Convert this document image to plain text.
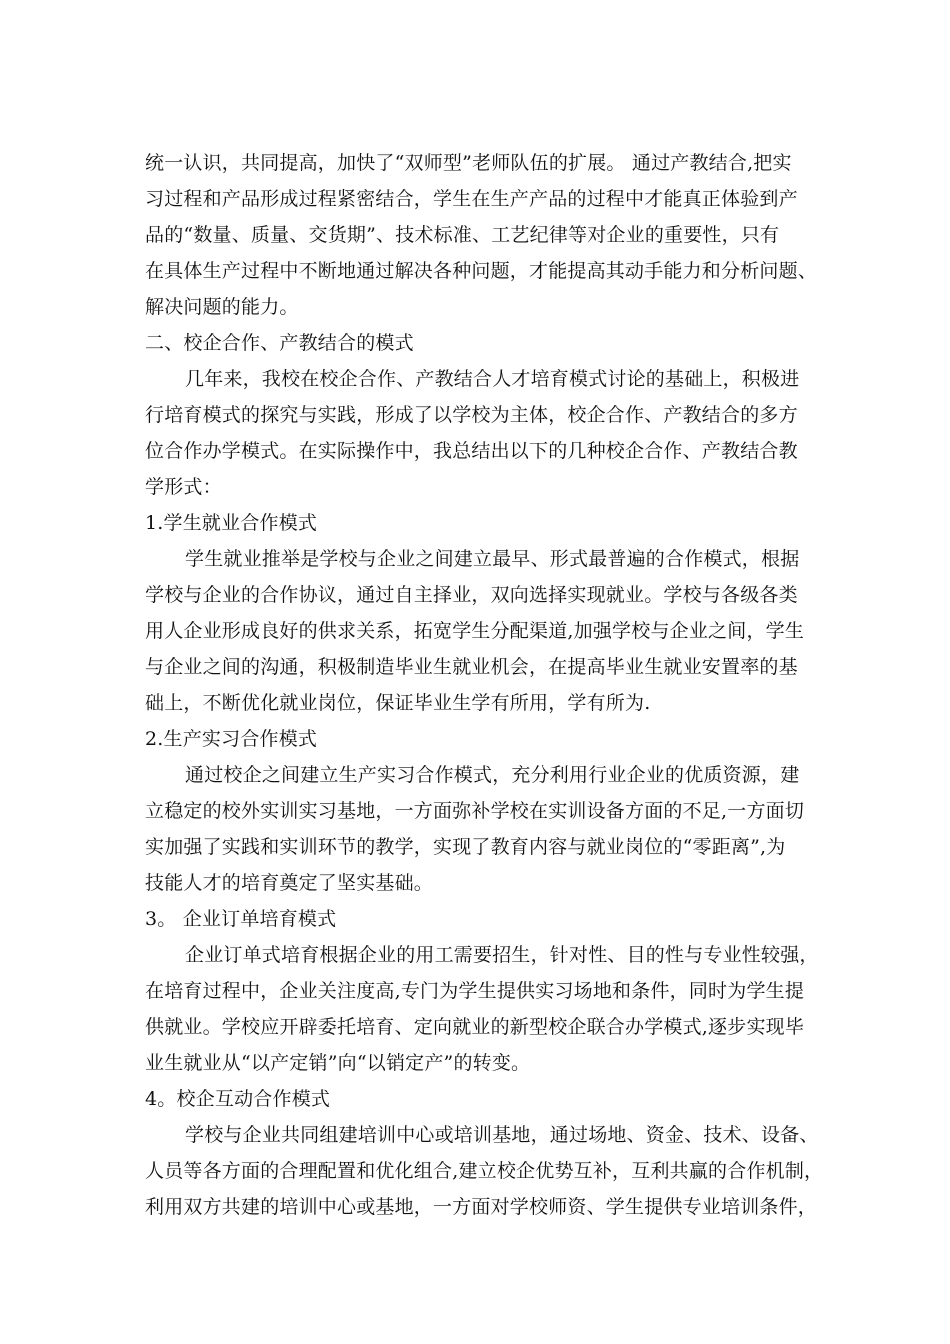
统一认识，共同提高，加快了“双师型”老师队伍的扩展。 通过产教结合,把实
习过程和产品形成过程紧密结合，学生在生产产品的过程中才能真正体验到产
品的“数量、质量、交货期”、技术标准、工艺纪律等对企业的重要性，只有
在具体生产过程中不断地通过解决各种问题，才能提高其动手能力和分析问题、
解决问题的能力。
二、校企合作、产教结合的模式
几年来，我校在校企合作、产教结合人才培育模式讨论的基础上，积极进
行培育模式的探究与实践，形成了以学校为主体，校企合作、产教结合的多方
位合作办学模式。在实际操作中，我总结出以下的几种校企合作、产教结合教
学形式：
1.学生就业合作模式
学生就业推举是学校与企业之间建立最早、形式最普遍的合作模式，根据
学校与企业的合作协议，通过自主择业，双向选择实现就业。学校与各级各类
用人企业形成良好的供求关系，拓宽学生分配渠道,加强学校与企业之间，学生
与企业之间的沟通，积极制造毕业生就业机会，在提高毕业生就业安置率的基
础上，不断优化就业岗位，保证毕业生学有所用，学有所为.
2.生产实习合作模式
通过校企之间建立生产实习合作模式，充分利用行业企业的优质资源，建
立稳定的校外实训实习基地，一方面弥补学校在实训设备方面的不足,一方面切
实加强了实践和实训环节的教学，实现了教育内容与就业岗位的“零距离”,为
技能人才的培育奠定了坚实基础。
3。 企业订单培育模式
企业订单式培育根据企业的用工需要招生，针对性、目的性与专业性较强，
在培育过程中，企业关注度高,专门为学生提供实习场地和条件，同时为学生提
供就业。学校应开辟委托培育、定向就业的新型校企联合办学模式,逐步实现毕
业生就业从“以产定销”向“以销定产”的转变。
4。校企互动合作模式
学校与企业共同组建培训中心或培训基地，通过场地、资金、技术、设备、
人员等各方面的合理配置和优化组合,建立校企优势互补，互利共赢的合作机制，
利用双方共建的培训中心或基地，一方面对学校师资、学生提供专业培训条件，
